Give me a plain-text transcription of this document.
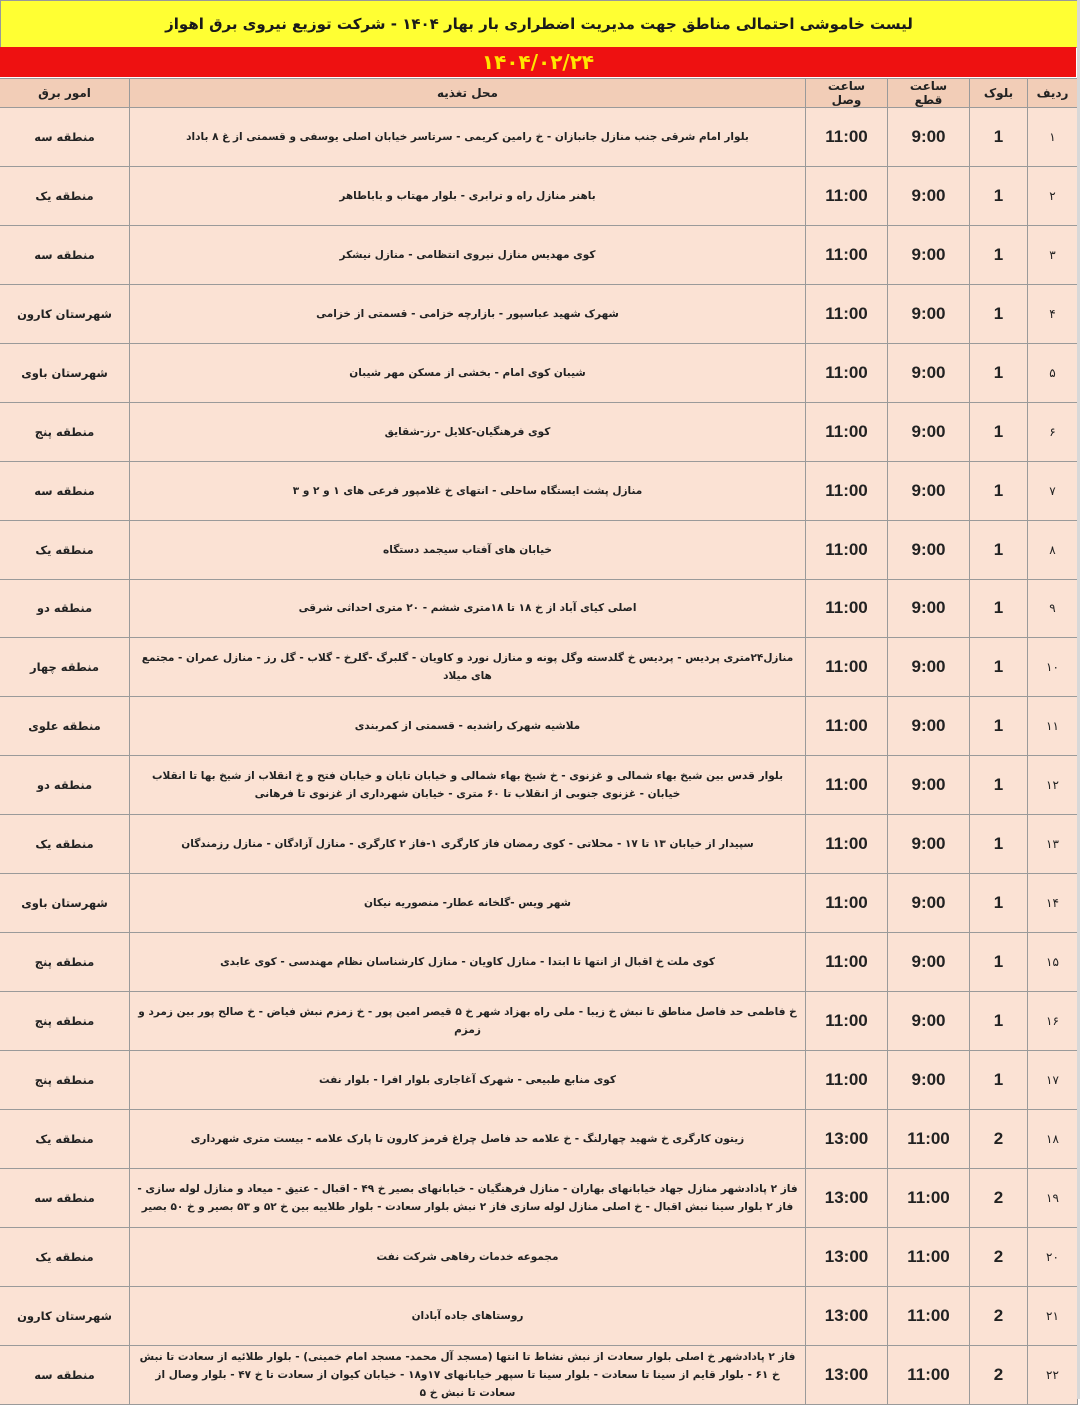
لیست خاموشی احتمالی مناطق جهت مدیریت اضطراری بار بهار ۱۴۰۴ - شرکت توزیع نیروی برق اهواز
۱۴۰۴/۰۲/۲۴
ردیف	بلوک	ساعت قطع	ساعت وصل	محل تغذیه	امور برق
۱	1	9:00	11:00	بلوار امام شرقی جنب منازل جانبازان - خ رامین کریمی - سرتاسر خیابان اصلی یوسفی و قسمتی از غ ۸ باداد	منطقه سه
۲	1	9:00	11:00	باهنر منازل راه و ترابری - بلوار مهتاب و باباطاهر	منطقه یک
۳	1	9:00	11:00	کوی مهدیس منازل نیروی انتظامی - منازل نیشکر	منطقه سه
۴	1	9:00	11:00	شهرک شهید عباسپور - بازارچه خزامی - قسمتی از خزامی	شهرستان کارون
۵	1	9:00	11:00	شیبان کوی امام - بخشی از مسکن مهر شیبان	شهرستان باوی
۶	1	9:00	11:00	کوی فرهنگیان-کلایل -رز-شقایق	منطقه پنج
۷	1	9:00	11:00	منازل پشت ایستگاه ساحلی - انتهای خ غلامپور فرعی های ۱ و ۲ و ۳	منطقه سه
۸	1	9:00	11:00	خیابان های آفتاب سیجمد دستگاه	منطقه یک
۹	1	9:00	11:00	اصلی کیای آباد از خ ۱۸ تا ۱۸متری ششم - ۲۰ متری احداثی شرقی	منطقه دو
۱۰	1	9:00	11:00	منازل۲۴متری پردیس - پردیس خ گلدسته وگل پونه و منازل نورد و کاویان - گلبرگ -گلرخ - گلاب - گل رز - منازل عمران - مجتمع های میلاد	منطقه چهار
۱۱	1	9:00	11:00	ملاشیه شهرک راشدیه - قسمتی از کمربندی	منطقه علوی
۱۲	1	9:00	11:00	بلوار قدس بین شیخ بهاء شمالی و غزنوی - خ شیخ بهاء شمالی و خیابان تابان و خیابان فتح و خ انقلاب از شیخ بها تا انقلاب خیابان - غزنوی جنوبی از انقلاب تا ۶۰ متری - خیابان شهرداری از غزنوی تا فرهانی	منطقه دو
۱۳	1	9:00	11:00	سپیدار از خیابان ۱۳ تا ۱۷ - محلاتی - کوی رمضان فاز کارگری ۱-فاز ۲ کارگری - منازل آزادگان - منازل رزمندگان	منطقه یک
۱۴	1	9:00	11:00	شهر ویس -گلخانه عطار- منصوریه نیکان	شهرستان باوی
۱۵	1	9:00	11:00	کوی ملت خ اقبال از انتها تا ابتدا - منازل کاویان - منازل کارشناسان نظام مهندسی - کوی عابدی	منطقه پنج
۱۶	1	9:00	11:00	خ فاطمی حد فاصل مناطق تا نبش خ زیبا - ملی راه بهزاد شهر خ ۵ قیصر امین پور - خ زمزم نبش فیاض - خ صالح پور بین زمرد و زمزم	منطقه پنج
۱۷	1	9:00	11:00	کوی منابع طبیعی - شهرک آغاجاری بلوار افرا - بلوار نفت	منطقه پنج
۱۸	2	11:00	13:00	زیتون کارگری خ شهید چهارلنگ - خ علامه حد فاصل چراغ قرمز کارون تا پارک علامه - بیست متری شهرداری	منطقه یک
۱۹	2	11:00	13:00	فاز ۲ پادادشهر منازل جهاد خیابانهای بهاران - منازل فرهنگیان - خیابانهای بصیر خ ۴۹ - اقبال - عتیق - میعاد و منازل لوله سازی - فاز ۲ بلوار سینا نبش اقبال - خ اصلی منازل لوله سازی فاز ۲ نبش بلوار سعادت - بلوار طلاییه بین خ ۵۲ و ۵۳ بصیر و خ ۵۰ بصیر	منطقه سه
۲۰	2	11:00	13:00	مجموعه خدمات رفاهی شرکت نفت	منطقه یک
۲۱	2	11:00	13:00	روستاهای جاده آبادان	شهرستان کارون
۲۲	2	11:00	13:00	فاز ۲ پادادشهر خ اصلی بلوار سعادت از نبش نشاط تا انتها (مسجد آل محمد- مسجد امام خمینی) - بلوار طلائیه از سعادت تا نبش خ ۶۱ - بلوار قایم از سینا تا سعادت - بلوار سینا تا سپهر خیابانهای ۱۷و۱۸ - خیابان کیوان از سعادت تا خ ۴۷ - بلوار وصال از سعادت تا نبش خ ۵	منطقه سه
